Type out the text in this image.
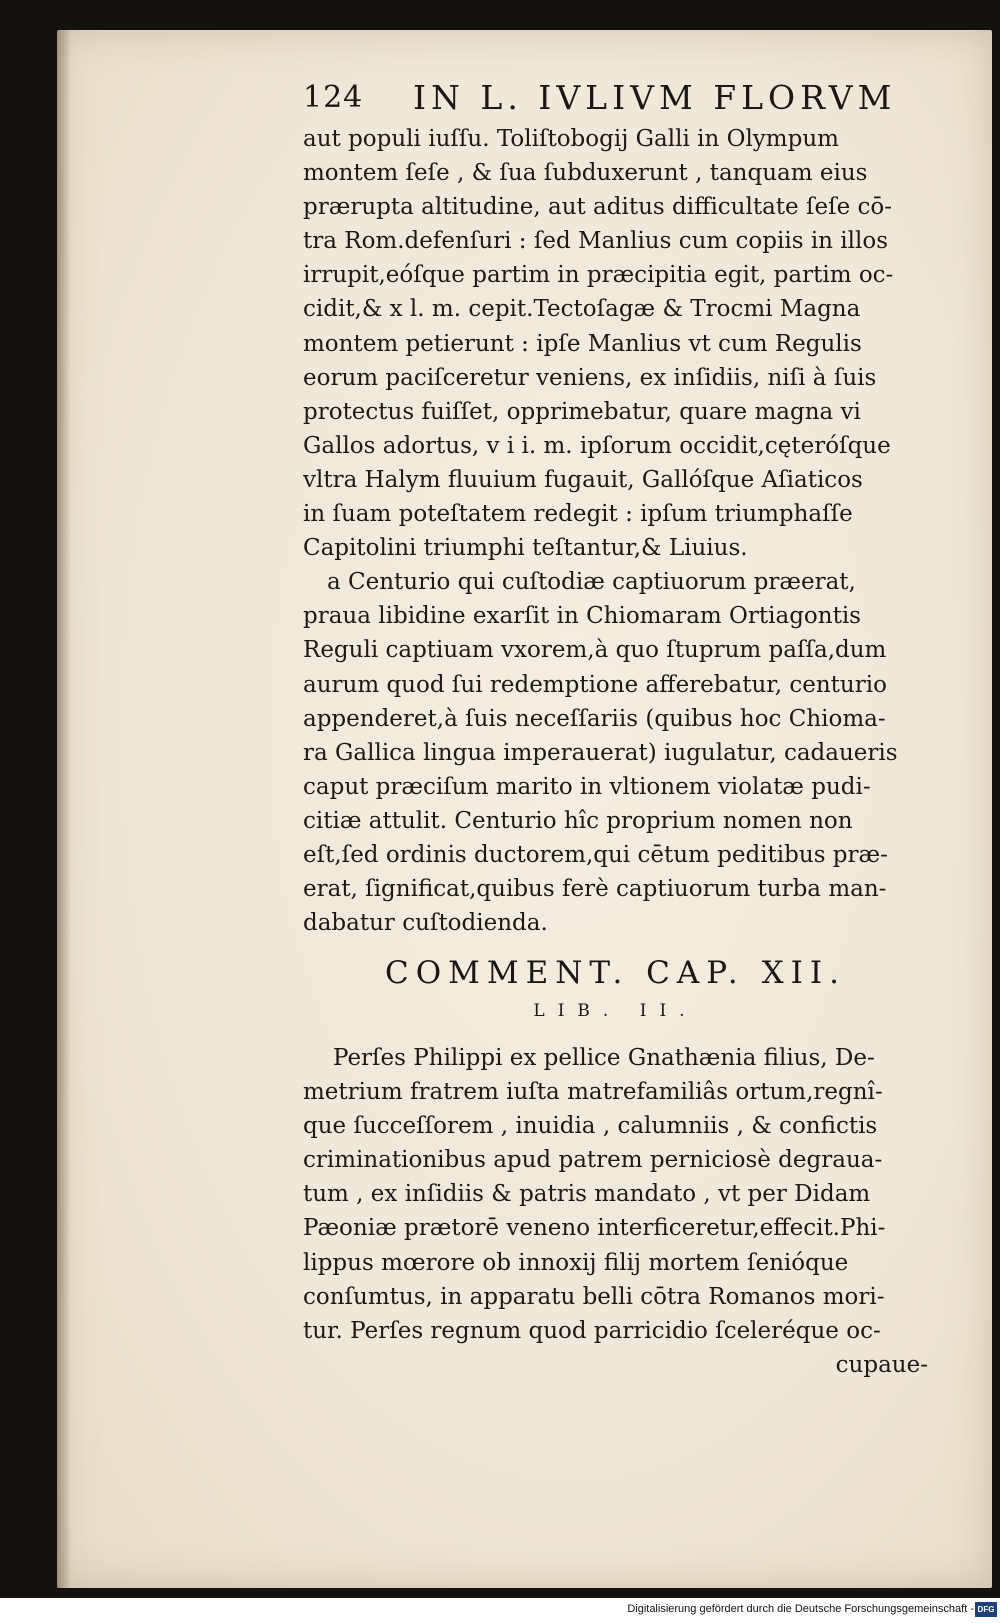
124 IN L. IVLIVM FLORVM
aut populi iuſſu. Toliſtobogij Galli in Olympum
montem ſeſe , & ſua ſubduxerunt , tanquam eius
prærupta altitudine, aut aditus difficultate ſeſe cō-
tra Rom.defenſuri : ſed Manlius cum copiis in illos
irrupit,eóſque partim in præcipitia egit, partim oc-
cidit,& x l. m. cepit.Tectoſagæ & Trocmi Magna
montem petierunt : ipſe Manlius vt cum Regulis
eorum paciſceretur veniens, ex inſidiis, niſi à ſuis
protectus fuiſſet, opprimebatur, quare magna vi
Gallos adortus, v i i. m. ipſorum occidit,cęteróſque
vltra Halym fluuium fugauit, Gallóſque Aſiaticos
in ſuam poteſtatem redegit : ipſum triumphaſſe
Capitolini triumphi teſtantur,& Liuius.
a Centurio qui cuſtodiæ captiuorum præerat,
praua libidine exarſit in Chiomaram Ortiagontis
Reguli captiuam vxorem,à quo ſtuprum paſſa,dum
aurum quod ſui redemptione afferebatur, centurio
appenderet,à ſuis neceſſariis (quibus hoc Chioma-
ra Gallica lingua imperauerat) iugulatur, cadaueris
caput præciſum marito in vltionem violatæ pudi-
citiæ attulit. Centurio hîc proprium nomen non
eſt,ſed ordinis ductorem,qui cētum peditibus præ-
erat, ſignificat,quibus ferè captiuorum turba man-
dabatur cuſtodienda.
COMMENT. CAP. XII.
LIB. II.
Perſes Philippi ex pellice Gnathænia filius, De-
metrium fratrem iuſta matrefamiliâs ortum,regnî-
que ſucceſſorem , inuidia , calumniis , & confictis
criminationibus apud patrem perniciosè degraua-
tum , ex inſidiis & patris mandato , vt per Didam
Pæoniæ prætorē veneno interficeretur,effecit.Phi-
lippus mœrore ob innoxij filij mortem ſenióque
conſumtus, in apparatu belli cōtra Romanos mori-
tur. Perſes regnum quod parricidio ſceleréque oc-
cupaue-
Digitalisierung gefördert durch die Deutsche Forschungsgemeinschaft - DFG
